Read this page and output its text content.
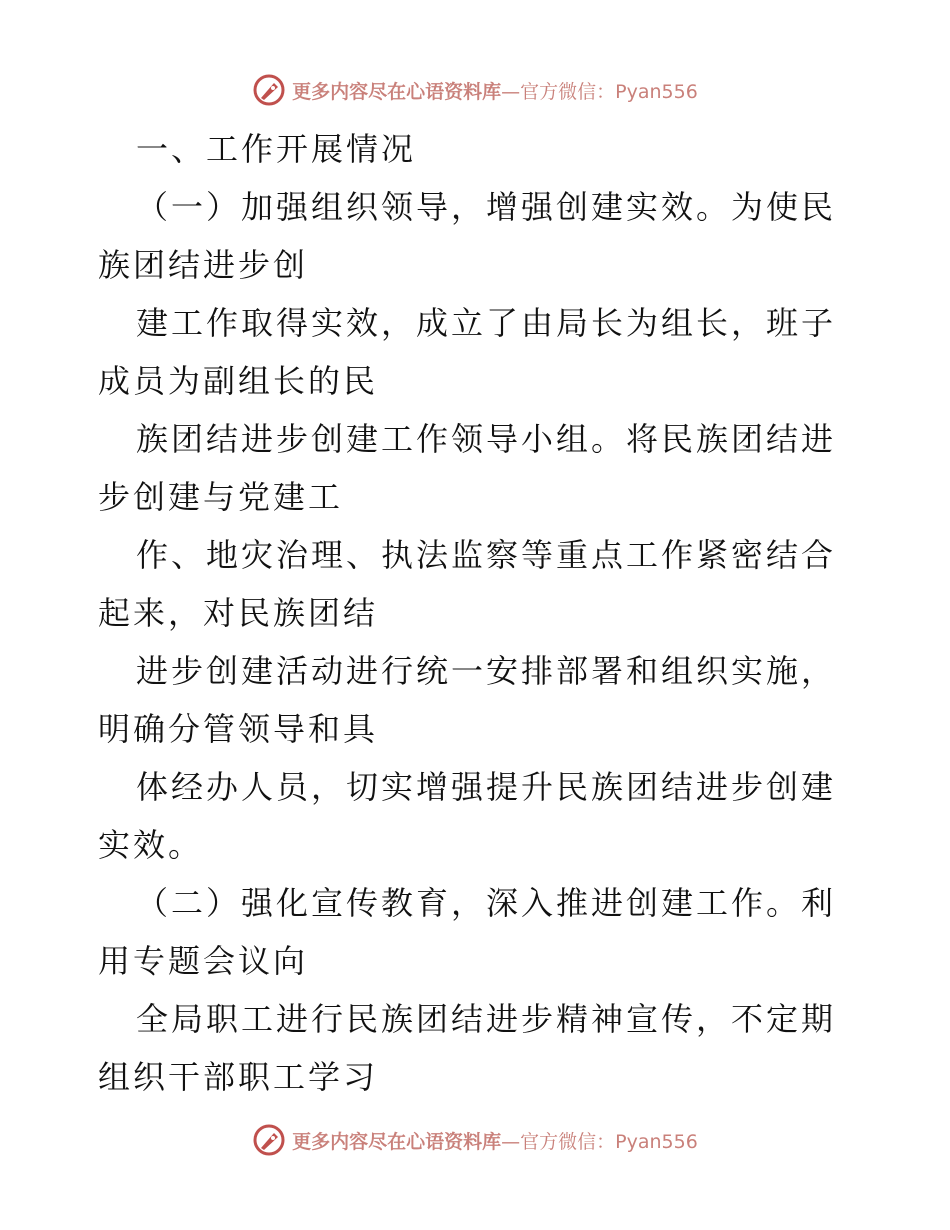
更多内容尽在心语资料库—官方微信：Pyan556

一、工作开展情况

（一）加强组织领导，增强创建实效。为使民族团结进步创

建工作取得实效，成立了由局长为组长，班子成员为副组长的民

族团结进步创建工作领导小组。将民族团结进步创建与党建工

作、地灾治理、执法监察等重点工作紧密结合起来，对民族团结

进步创建活动进行统一安排部署和组织实施，明确分管领导和具

体经办人员，切实增强提升民族团结进步创建实效。

（二）强化宣传教育，深入推进创建工作。利用专题会议向

全局职工进行民族团结进步精神宣传，不定期组织干部职工学习

更多内容尽在心语资料库—官方微信：Pyan556
